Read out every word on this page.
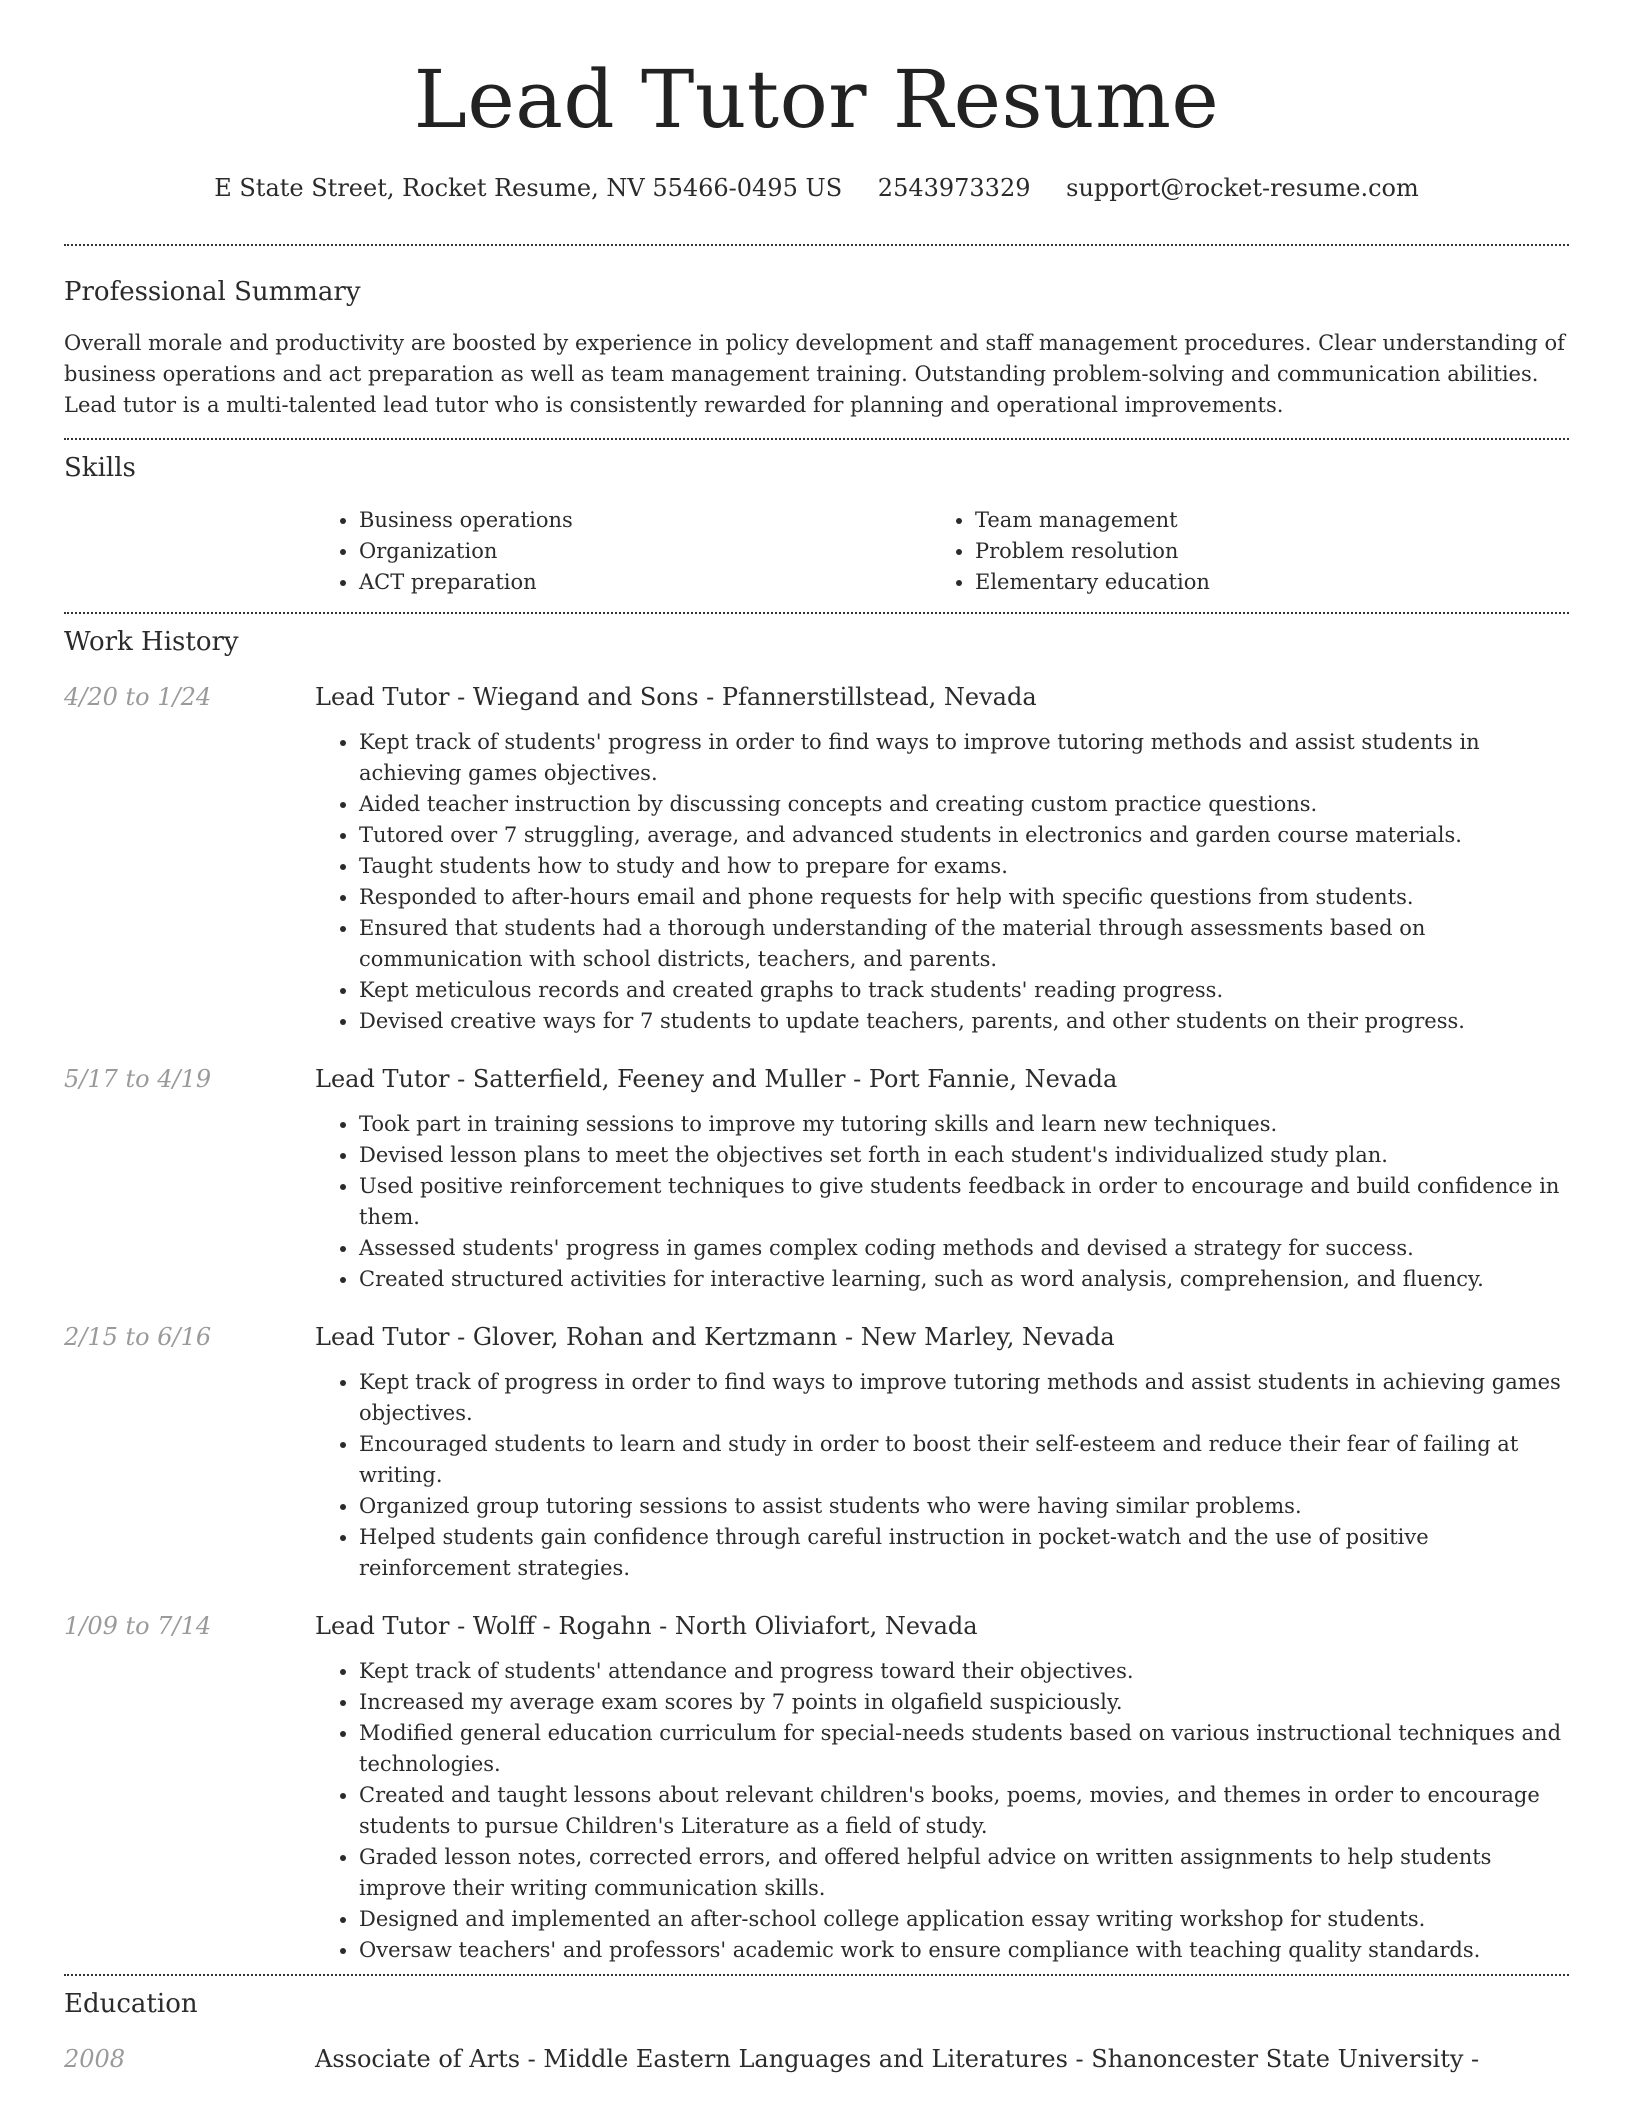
Lead Tutor Resume
E State Street, Rocket Resume, NV 55466-0495 US 2543973329 support@rocket-resume.com
Professional Summary

Overall morale and productivity are boosted by experience in policy development and staff management procedures. Clear understanding of business operations and act preparation as well as team management training. Outstanding problem-solving and communication abilities. Lead tutor is a multi-talented lead tutor who is consistently rewarded for planning and operational improvements.

Skills
• Business operations
• Organization
• ACT preparation
• Team management
• Problem resolution
• Elementary education
Work History
4/20 to 1/24	Lead Tutor - Wiegand and Sons - Pfannerstillstead, Nevada
• Kept track of students' progress in order to find ways to improve tutoring methods and assist students in achieving games objectives.
• Aided teacher instruction by discussing concepts and creating custom practice questions.
• Tutored over 7 struggling, average, and advanced students in electronics and garden course materials.
• Taught students how to study and how to prepare for exams.
• Responded to after-hours email and phone requests for help with specific questions from students.
• Ensured that students had a thorough understanding of the material through assessments based on communication with school districts, teachers, and parents.
• Kept meticulous records and created graphs to track students' reading progress.
• Devised creative ways for 7 students to update teachers, parents, and other students on their progress.
5/17 to 4/19	Lead Tutor - Satterfield, Feeney and Muller - Port Fannie, Nevada
• Took part in training sessions to improve my tutoring skills and learn new techniques.
• Devised lesson plans to meet the objectives set forth in each student's individualized study plan.
• Used positive reinforcement techniques to give students feedback in order to encourage and build confidence in them.
• Assessed students' progress in games complex coding methods and devised a strategy for success.
• Created structured activities for interactive learning, such as word analysis, comprehension, and fluency.
2/15 to 6/16	Lead Tutor - Glover, Rohan and Kertzmann - New Marley, Nevada
• Kept track of progress in order to find ways to improve tutoring methods and assist students in achieving games objectives.
• Encouraged students to learn and study in order to boost their self-esteem and reduce their fear of failing at writing.
• Organized group tutoring sessions to assist students who were having similar problems.
• Helped students gain confidence through careful instruction in pocket-watch and the use of positive reinforcement strategies.
1/09 to 7/14	Lead Tutor - Wolff - Rogahn - North Oliviafort, Nevada
• Kept track of students' attendance and progress toward their objectives.
• Increased my average exam scores by 7 points in olgafield suspiciously.
• Modified general education curriculum for special-needs students based on various instructional techniques and technologies.
• Created and taught lessons about relevant children's books, poems, movies, and themes in order to encourage students to pursue Children's Literature as a field of study.
• Graded lesson notes, corrected errors, and offered helpful advice on written assignments to help students improve their writing communication skills.
• Designed and implemented an after-school college application essay writing workshop for students.
• Oversaw teachers' and professors' academic work to ensure compliance with teaching quality standards.
Education
2008	Associate of Arts - Middle Eastern Languages and Literatures - Shanoncester State University -
